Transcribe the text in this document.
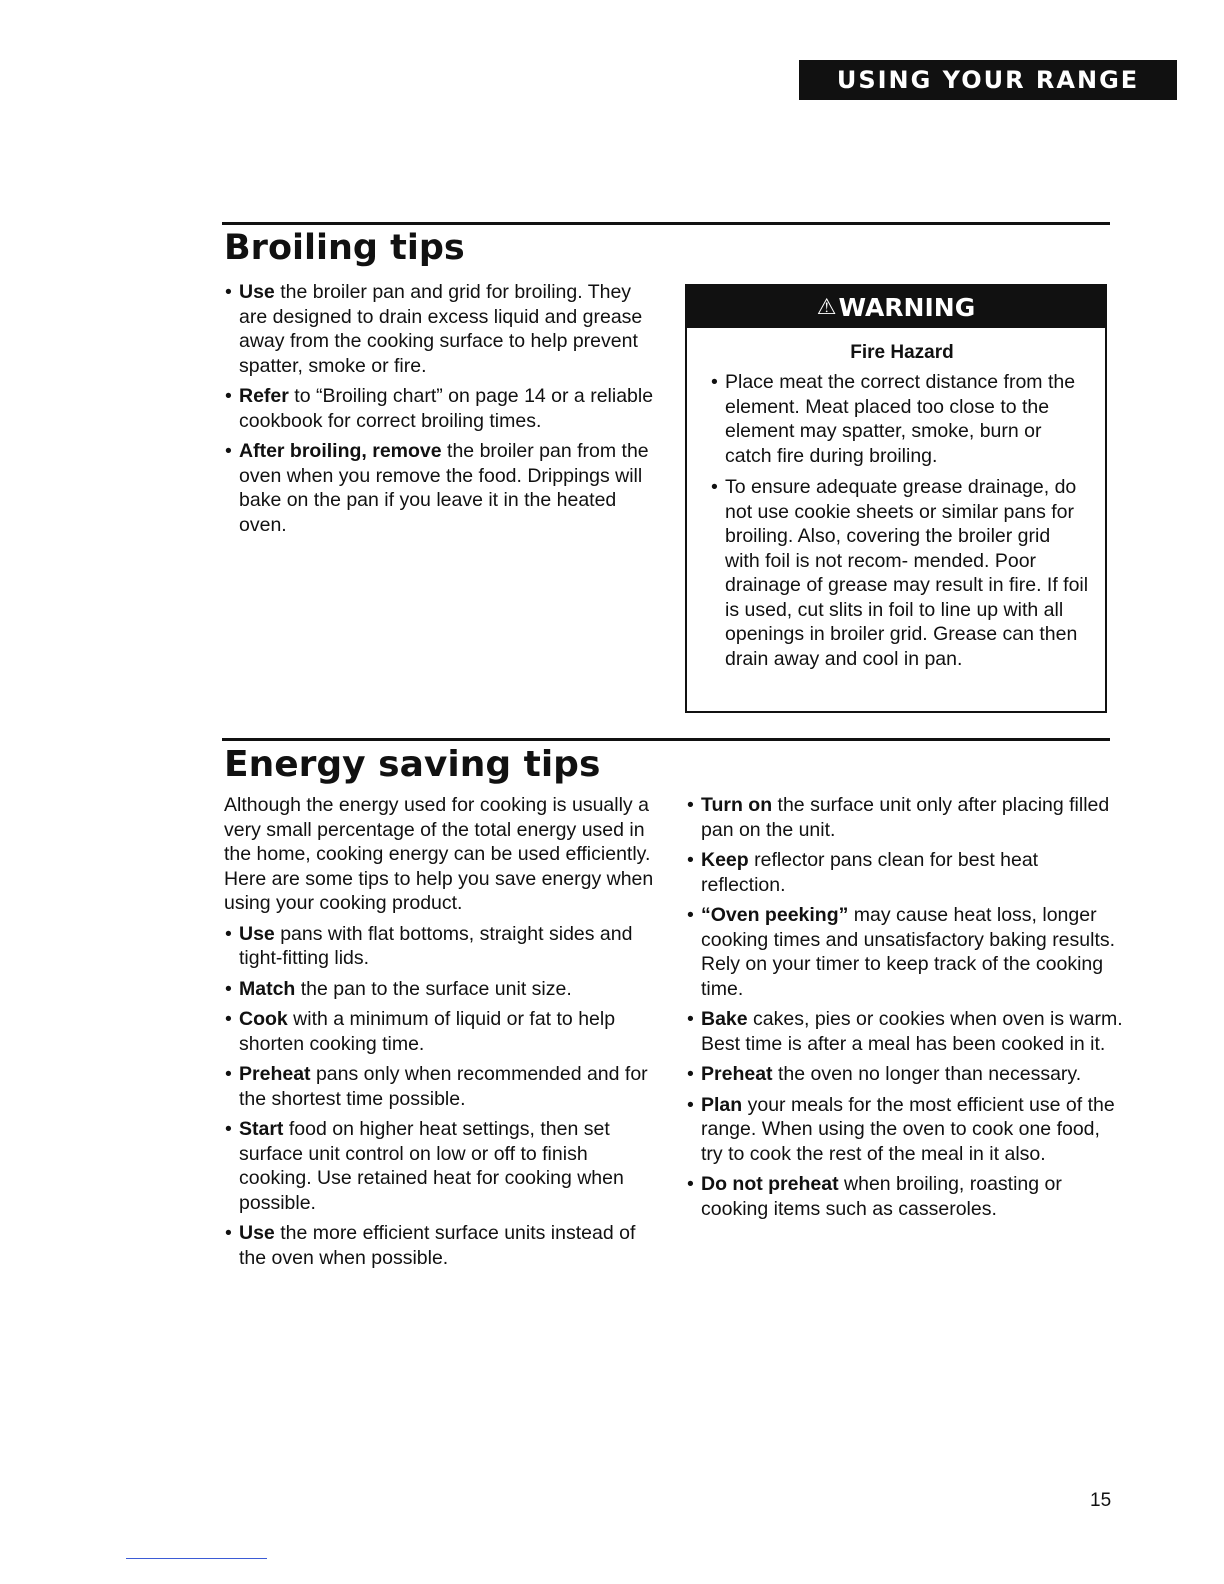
USING YOUR RANGE
Broiling tips
• Use the broiler pan and grid for broiling. They are designed to drain excess liquid and grease away from the cooking surface to help prevent spatter, smoke or fire.
• Refer to “Broiling chart” on page 14 or a reliable cookbook for correct broiling times.
• After broiling, remove the broiler pan from the oven when you remove the food. Drippings will bake on the pan if you leave it in the heated oven.
⚠ WARNING
Fire Hazard
• Place meat the correct distance from the element. Meat placed too close to the element may spatter, smoke, burn or catch fire during broiling.
• To ensure adequate grease drainage, do not use cookie sheets or similar pans for broiling. Also, covering the broiler grid with foil is not recom- mended. Poor drainage of grease may result in fire. If foil is used, cut slits in foil to line up with all openings in broiler grid. Grease can then drain away and cool in pan.
Energy saving tips

Although the energy used for cooking is usually a very small percentage of the total energy used in the home, cooking energy can be used efficiently. Here are some tips to help you save energy when using your cooking product.

• Use pans with flat bottoms, straight sides and tight-fitting lids.
• Match the pan to the surface unit size.
• Cook with a minimum of liquid or fat to help shorten cooking time.
• Preheat pans only when recommended and for the shortest time possible.
• Start food on higher heat settings, then set surface unit control on low or off to finish cooking. Use retained heat for cooking when possible.
• Use the more efficient surface units instead of the oven when possible.
• Turn on the surface unit only after placing filled pan on the unit.
• Keep reflector pans clean for best heat reflection.
• “Oven peeking” may cause heat loss, longer cooking times and unsatisfactory baking results. Rely on your timer to keep track of the cooking time.
• Bake cakes, pies or cookies when oven is warm. Best time is after a meal has been cooked in it.
• Preheat the oven no longer than necessary.
• Plan your meals for the most efficient use of the range. When using the oven to cook one food, try to cook the rest of the meal in it also.
• Do not preheat when broiling, roasting or cooking items such as casseroles.
15
